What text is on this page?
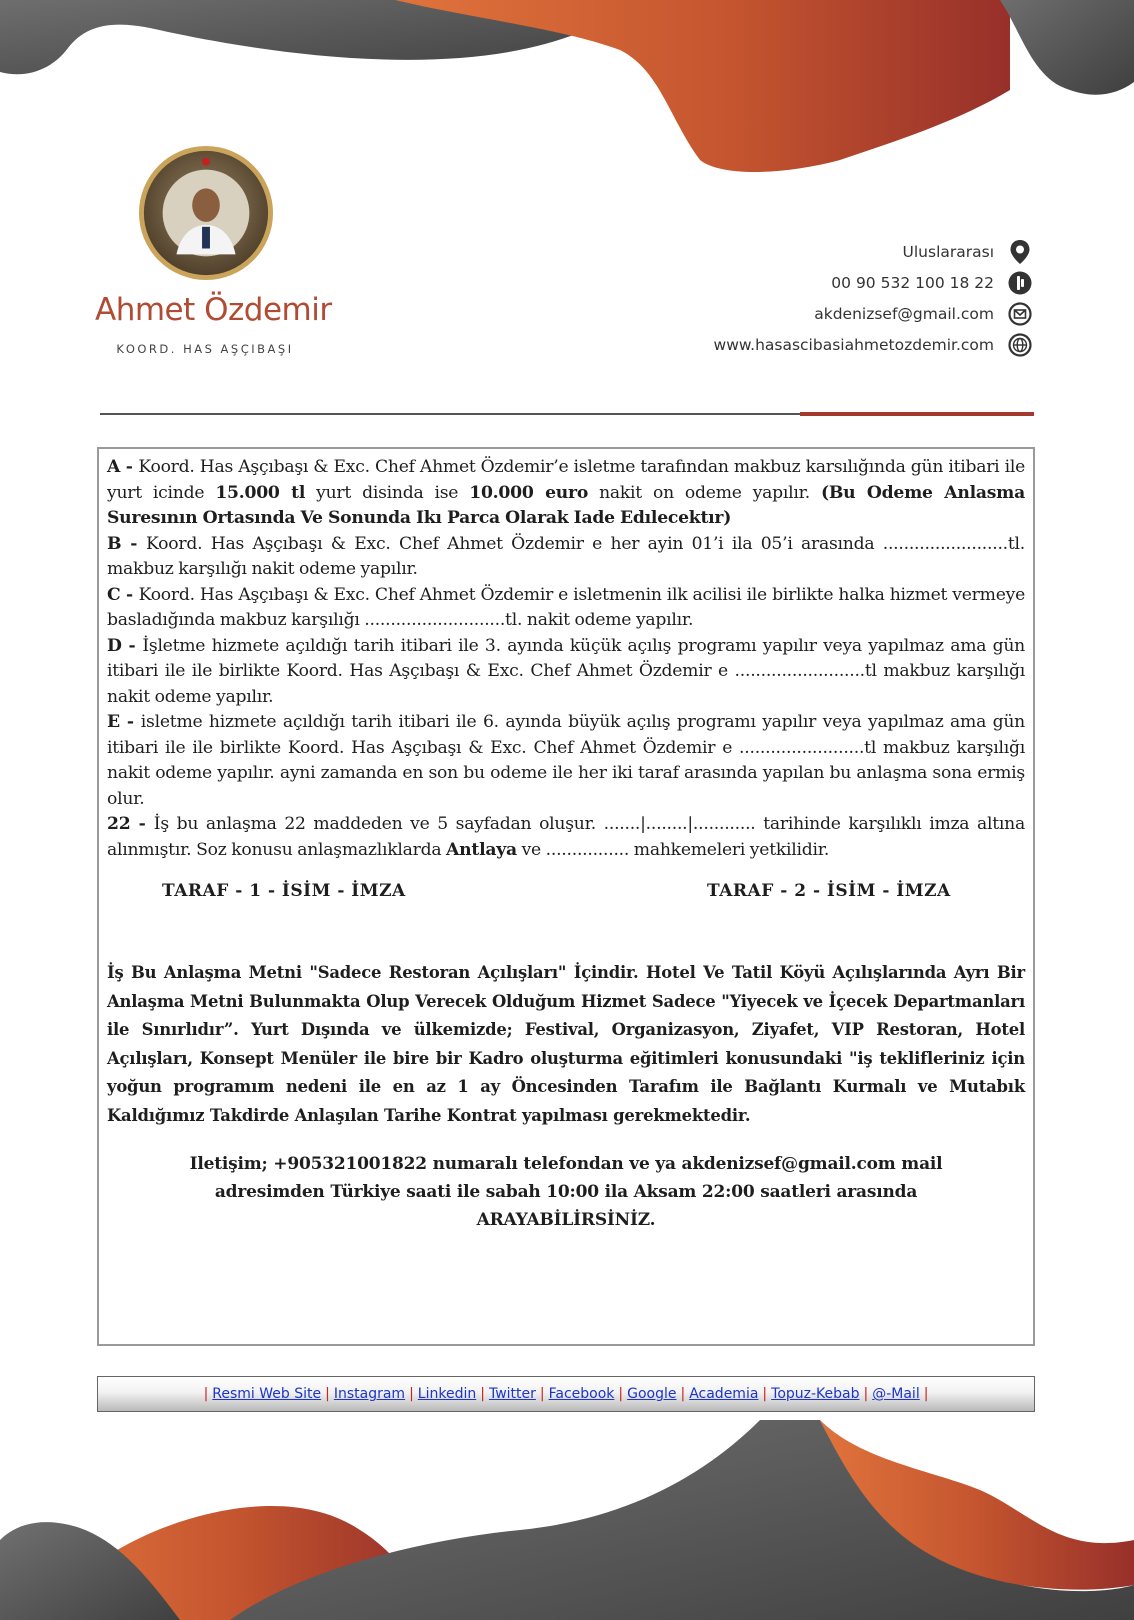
Ahmet Özdemir
KOORD. HAS AŞÇIBAŞI
Uluslararası
00 90 532 100 18 22
akdenizsef@gmail.com
www.hasascibasiahmetozdemir.com
A - Koord. Has Aşçıbaşı & Exc. Chef Ahmet Özdemir’e isletme tarafından makbuz karsılığında gün itibari ile yurt icinde 15.000 tl yurt disinda ise 10.000 euro nakit on odeme yapılır. (Bu Odeme Anlasma Suresının Ortasında Ve Sonunda Ikı Parca Olarak Iade Edılecektır)
B - Koord. Has Aşçıbaşı & Exc. Chef Ahmet Özdemir e her ayin 01’i ila 05’i arasında ........................tl. makbuz karşılığı nakit odeme yapılır.
C - Koord. Has Aşçıbaşı & Exc. Chef Ahmet Özdemir e isletmenin ilk acilisi ile birlikte halka hizmet vermeye basladığında makbuz karşılığı ...........................tl. nakit odeme yapılır.
D - İşletme hizmete açıldığı tarih itibari ile 3. ayında küçük açılış programı yapılır veya yapılmaz ama gün itibari ile ile birlikte Koord. Has Aşçıbaşı & Exc. Chef Ahmet Özdemir e .........................tl makbuz karşılığı nakit odeme yapılır.
E - isletme hizmete açıldığı tarih itibari ile 6. ayında büyük açılış programı yapılır veya yapılmaz ama gün itibari ile ile birlikte Koord. Has Aşçıbaşı & Exc. Chef Ahmet Özdemir e ........................tl makbuz karşılığı nakit odeme yapılır. ayni zamanda en son bu odeme ile her iki taraf arasında yapılan bu anlaşma sona ermiş olur.
22 - İş bu anlaşma 22 maddeden ve 5 sayfadan oluşur. .......|........|............ tarihinde karşılıklı imza altına alınmıştır. Soz konusu anlaşmazlıklarda Antlaya ve ................ mahkemeleri yetkilidir.
TARAF - 1 - İSİM - İMZA	TARAF - 2 - İSİM - İMZA
İş Bu Anlaşma Metni "Sadece Restoran Açılışları" İçindir. Hotel Ve Tatil Köyü Açılışlarında Ayrı Bir Anlaşma Metni Bulunmakta Olup Verecek Olduğum Hizmet Sadece "Yiyecek ve İçecek Departmanları ile Sınırlıdır”. Yurt Dışında ve ülkemizde; Festival, Organizasyon, Ziyafet, VIP Restoran, Hotel Açılışları, Konsept Menüler ile bire bir Kadro oluşturma eğitimleri konusundaki "iş teklifleriniz için yoğun programım nedeni ile en az 1 ay Öncesinden Tarafım ile Bağlantı Kurmalı ve Mutabık Kaldığımız Takdirde Anlaşılan Tarihe Kontrat yapılması gerekmektedir.
Iletişim; +905321001822 numaralı telefondan ve ya akdenizsef@gmail.com mail
adresimden Türkiye saati ile sabah 10:00 ila Aksam 22:00 saatleri arasında
ARAYABİLİRSİNİZ.
| Resmi Web Site | Instagram | Linkedin | Twitter | Facebook | Google | Academia | Topuz-Kebab | @-Mail |
